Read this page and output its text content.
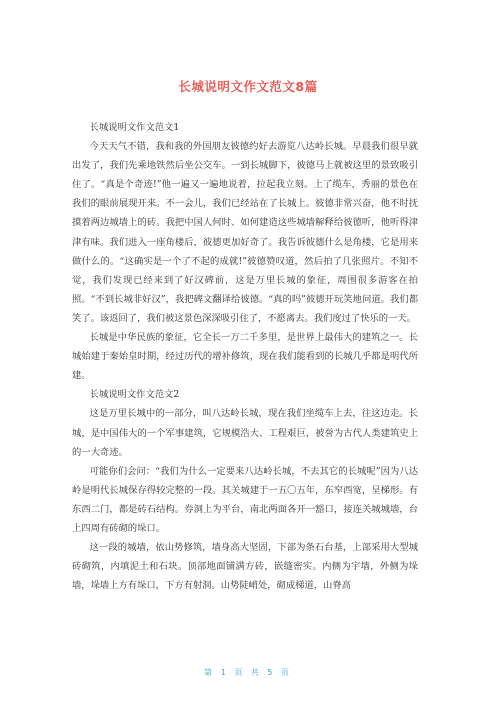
长城说明文作文范文8篇

长城说明文作文范文1

今天天气不错，我和我的外国朋友彼德约好去游览八达岭长城。早晨我们很早就出发了，我们先乘地铁然后坐公交车。一到长城脚下，彼德马上就被这里的景致吸引住了。“真是个奇迹!”他一遍又一遍地说着，拉起我立刻。上了缆车，秀丽的景色在我们的眼前展现开来。不一会儿，我们已经站在了长城上。彼德非常兴奋，他不时抚摸着两边城墙上的砖。我把中国人何时、如何建造这些城墙解释给彼德听，他听得津津有味。我们进入一座角楼后，彼德更加好奇了。我告诉彼德什么是角楼，它是用来做什么的。“这确实是一个了不起的成就!”彼德赞叹道，然后拍了几张照片。不知不觉，我们发现已经来到了好汉碑前，这是万里长城的象征，周围很多游客在拍照。“不到长城非好汉”，我把碑文翻译给彼德。“真的吗”彼德开玩笑地问道。我们都笑了。该返回了，我们被这景色深深吸引住了，不愿离去。我们度过了快乐的一天。

长城是中华民族的象征，它全长一万二千多里，是世界上最伟大的建筑之一。长城始建于秦始皇时期，经过历代的增补修筑，现在我们能看到的长城几乎都是明代所建。

长城说明文作文范文2

这是万里长城中的一部分，叫八达岭长城，现在我们坐缆车上去，往这边走。长城，是中国伟大的一个军事建筑，它规模浩大、工程艰巨，被誉为古代人类建筑史上的一大奇迹。

可能你们会问：“我们为什么一定要来八达岭长城，不去其它的长城呢”因为八达岭是明代长城保存得较完整的一段。其关城建于一五〇五年，东窄西宽，呈梯形。有东西二门，都是砖石结构。券洞上为平台，南北两面各开一豁口，接连关城城墙，台上四周有砖砌的垛口。

这一段的城墙，依山势修筑，墙身高大坚固，下部为条石台基，上部采用大型城砖砌筑，内填泥土和石块。顶部地面铺满方砖，嵌缝密实。内侧为宇墙，外侧为垛墙，垛墙上方有垛口，下方有射洞。山势陡峭处，砌成梯道，山脊高

第 1 页 共 5 页
